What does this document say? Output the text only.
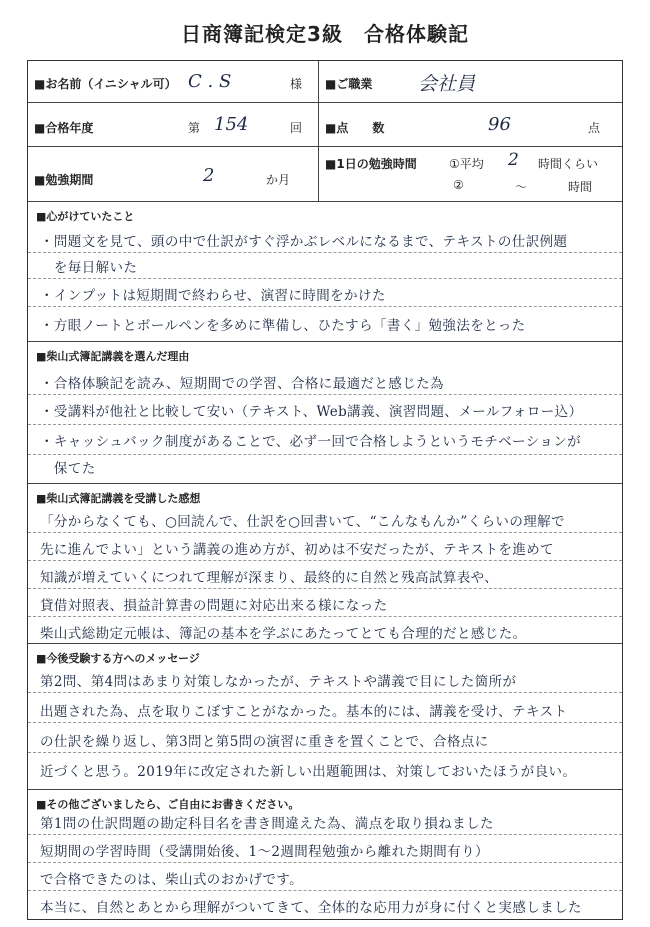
日商簿記検定3級　合格体験記
■お名前（イニシャル可） C . S	様 ■ご職業 会社員
■合格年度	第 154	回 ■点　　数	96	点
■勉強期間	2	か月
■1日の勉強時間	①平均 2 時間くらい
②	〜	時間
■心がけていたこと
・問題文を見て、頭の中で仕訳がすぐ浮かぶレベルになるまで、テキストの仕訳例題
　を毎日解いた
・インプットは短期間で終わらせ、演習に時間をかけた
・方眼ノートとボールペンを多めに準備し、ひたすら「書く」勉強法をとった
■柴山式簿記講義を選んだ理由
・合格体験記を読み、短期間での学習、合格に最適だと感じた為
・受講料が他社と比較して安い（テキスト、Web講義、演習問題、メールフォロー込）
・キャッシュバック制度があることで、必ず一回で合格しようというモチベーションが
　保てた
■柴山式簿記講義を受講した感想
「分からなくても、○回読んで、仕訳を○回書いて、“こんなもんか”くらいの理解で
先に進んでよい」という講義の進め方が、初めは不安だったが、テキストを進めて
知識が増えていくにつれて理解が深まり、最終的に自然と残高試算表や、
貸借対照表、損益計算書の問題に対応出来る様になった
柴山式総勘定元帳は、簿記の基本を学ぶにあたってとても合理的だと感じた。
■今後受験する方へのメッセージ
第2問、第4問はあまり対策しなかったが、テキストや講義で目にした箇所が
出題された為、点を取りこぼすことがなかった。基本的には、講義を受け、テキスト
の仕訳を繰り返し、第3問と第5問の演習に重きを置くことで、合格点に
近づくと思う。2019年に改定された新しい出題範囲は、対策しておいたほうが良い。
■その他ございましたら、ご自由にお書きください。
第1問の仕訳問題の勘定科目名を書き間違えた為、満点を取り損ねました
短期間の学習時間（受講開始後、1〜2週間程勉強から離れた期間有り）
で合格できたのは、柴山式のおかげです。
本当に、自然とあとから理解がついてきて、全体的な応用力が身に付くと実感しました
